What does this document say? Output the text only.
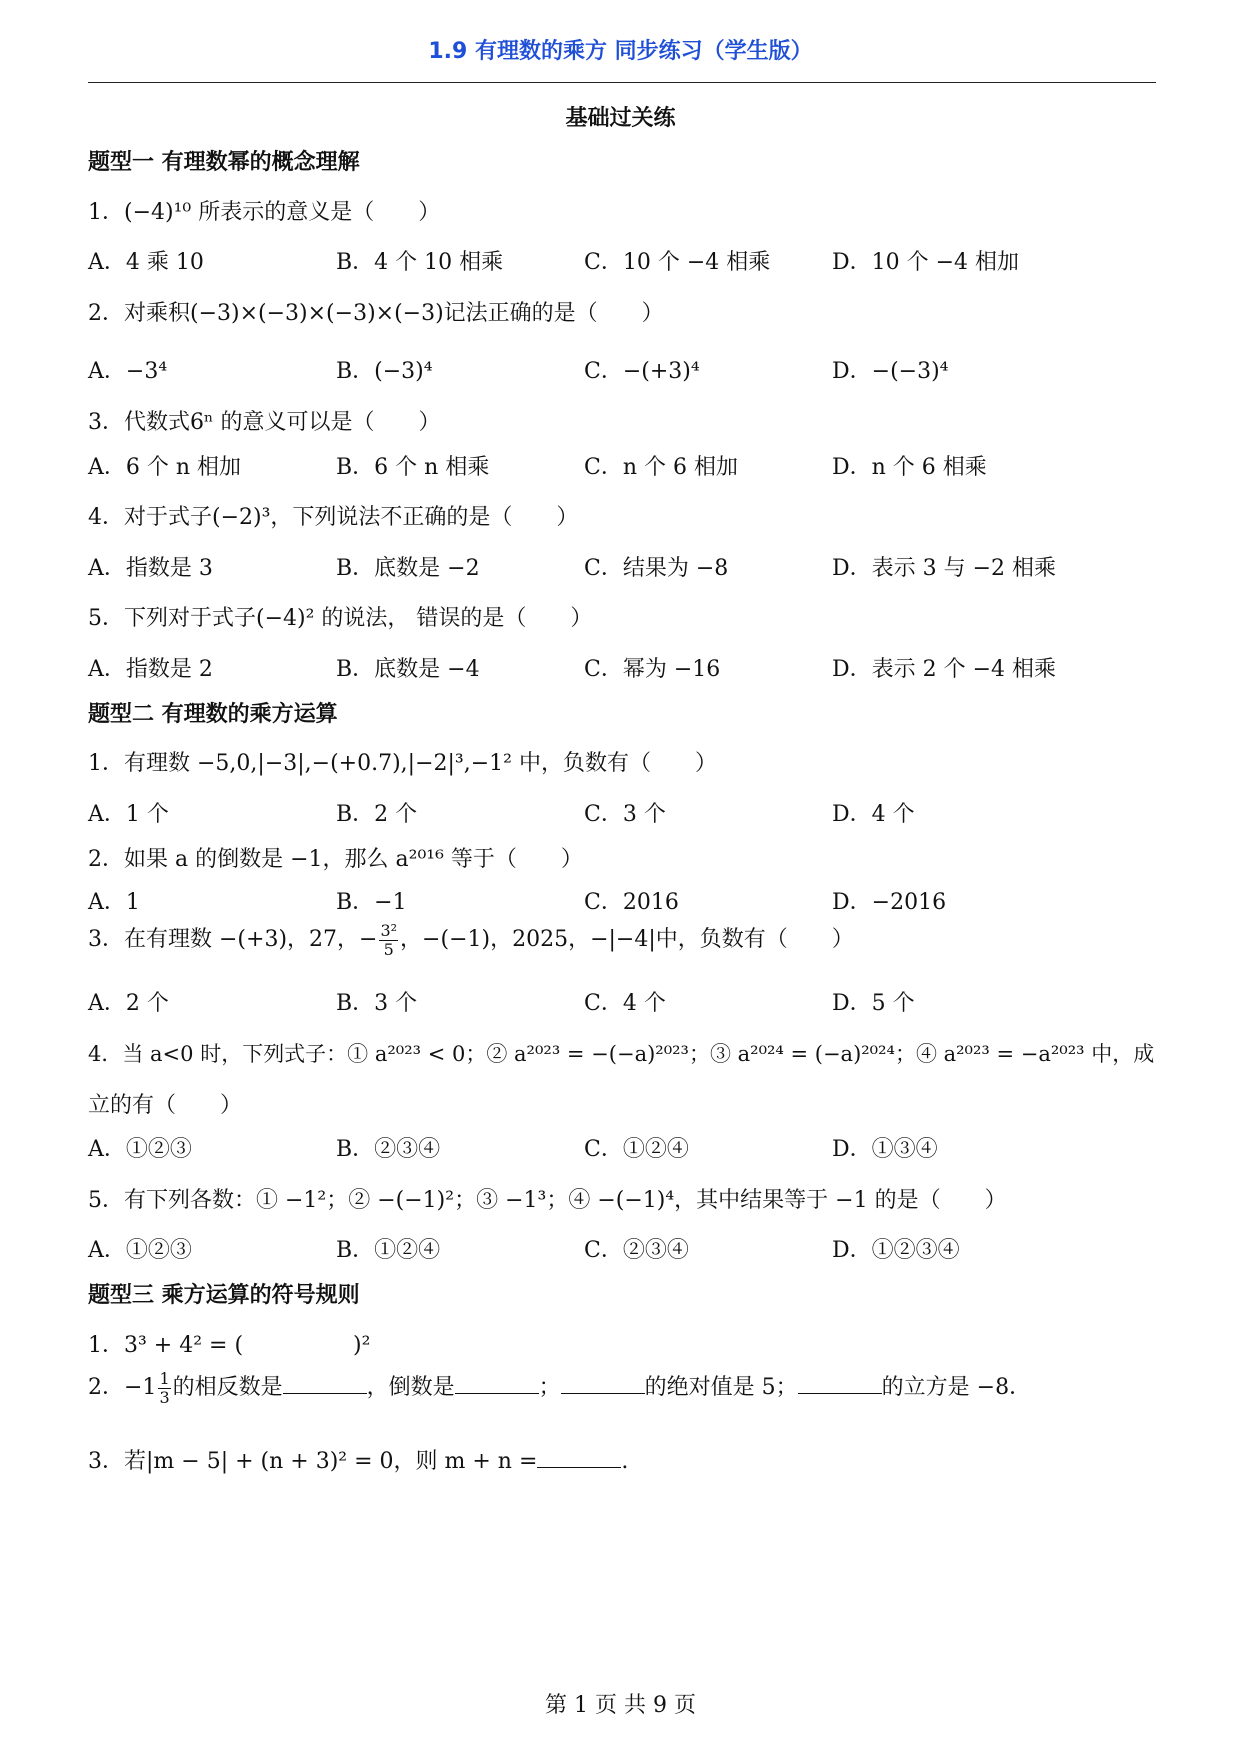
1.9 有理数的乘方 同步练习（学生版）
基础过关练
题型一 有理数幂的概念理解
1．(−4)¹⁰ 所表示的意义是（　　）
A．4 乘 10	B．4 个 10 相乘	C．10 个 −4 相乘	D．10 个 −4 相加
2．对乘积(−3)×(−3)×(−3)×(−3)记法正确的是（　　）
A．−3⁴	B．(−3)⁴	C．−(+3)⁴	D．−(−3)⁴
3．代数式6ⁿ 的意义可以是（　　）
A．6 个 n 相加	B．6 个 n 相乘	C．n 个 6 相加	D．n 个 6 相乘
4．对于式子(−2)³，下列说法不正确的是（　　）
A．指数是 3	B．底数是 −2	C．结果为 −8	D．表示 3 与 −2 相乘
5．下列对于式子(−4)² 的说法， 错误的是（　　）
A．指数是 2	B．底数是 −4	C．幂为 −16	D．表示 2 个 −4 相乘
题型二 有理数的乘方运算
1．有理数 −5,0,|−3|,−(+0.7),|−2|³,−1² 中，负数有（　　）
A．1 个	B．2 个	C．3 个	D．4 个
2．如果 a 的倒数是 −1，那么 a²⁰¹⁶ 等于（　　）
A．1	B．−1	C．2016	D．−2016
3．在有理数 −(+3)，27，− $\frac{\text{3²}}{5}$ ，−(−1)，2025，−|−4|中，负数有（　　）
A．2 个	B．3 个	C．4 个	D．5 个
4．当 a<0 时，下列式子：① a²⁰²³ < 0；② a²⁰²³ = −(−a)²⁰²³；③ a²⁰²⁴ = (−a)²⁰²⁴；④ a²⁰²³ = −a²⁰²³ 中，成
立的有（　　）
A．①②③	B．②③④	C．①②④	D．①③④
5．有下列各数：① −1²；② −(−1)²；③ −1³；④ −(−1)⁴，其中结果等于 −1 的是（　　）
A．①②③	B．①②④	C．②③④	D．①②③④
题型三 乘方运算的符号规则
1．3³ + 4² = (　　　　　)²
2．$-1 \frac{1}{3}$ 的相反数是	，倒数是	；	的绝对值是 5；	的立方是 −8．
3．若|m − 5| + (n + 3)² = 0，则 m + n =	.
第 1 页 共 9 页
